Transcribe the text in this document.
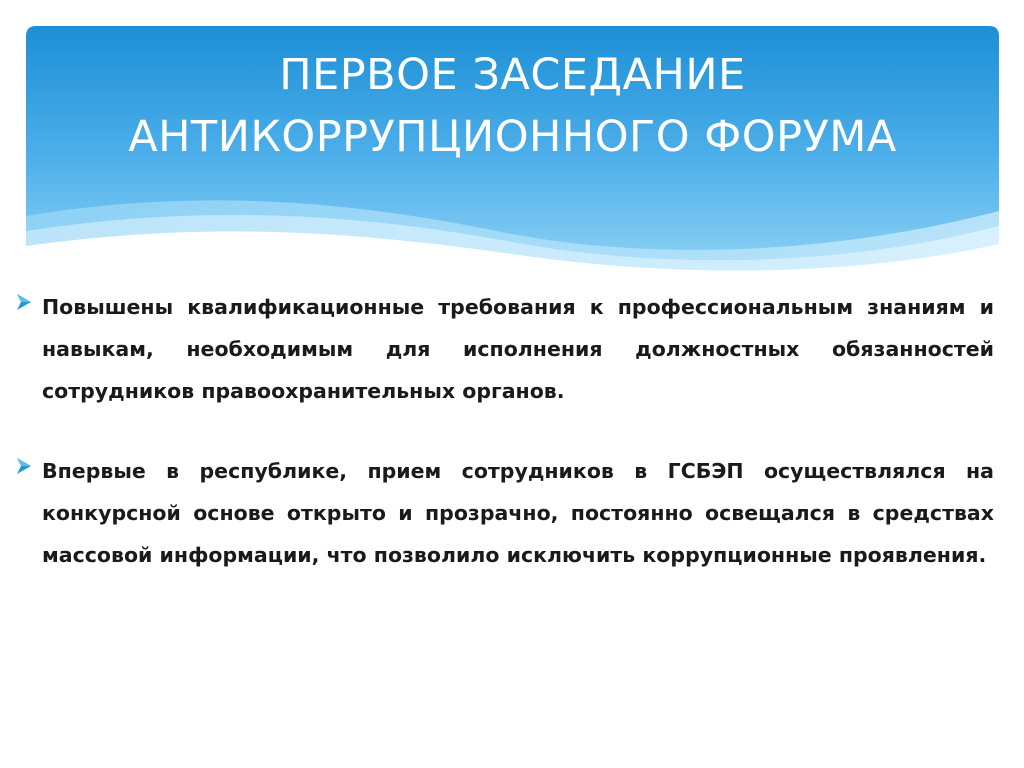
ПЕРВОЕ ЗАСЕДАНИЕ
АНТИКОРРУПЦИОННОГО ФОРУМА
Повышены квалификационные требования к профессиональным знаниям и навыкам, необходимым для исполнения должностных обязанностей сотрудников правоохранительных органов.
Впервые в республике, прием сотрудников в ГСБЭП осуществлялся на конкурсной основе открыто и прозрачно, постоянно освещался в средствах массовой информации, что позволило исключить коррупционные проявления.
